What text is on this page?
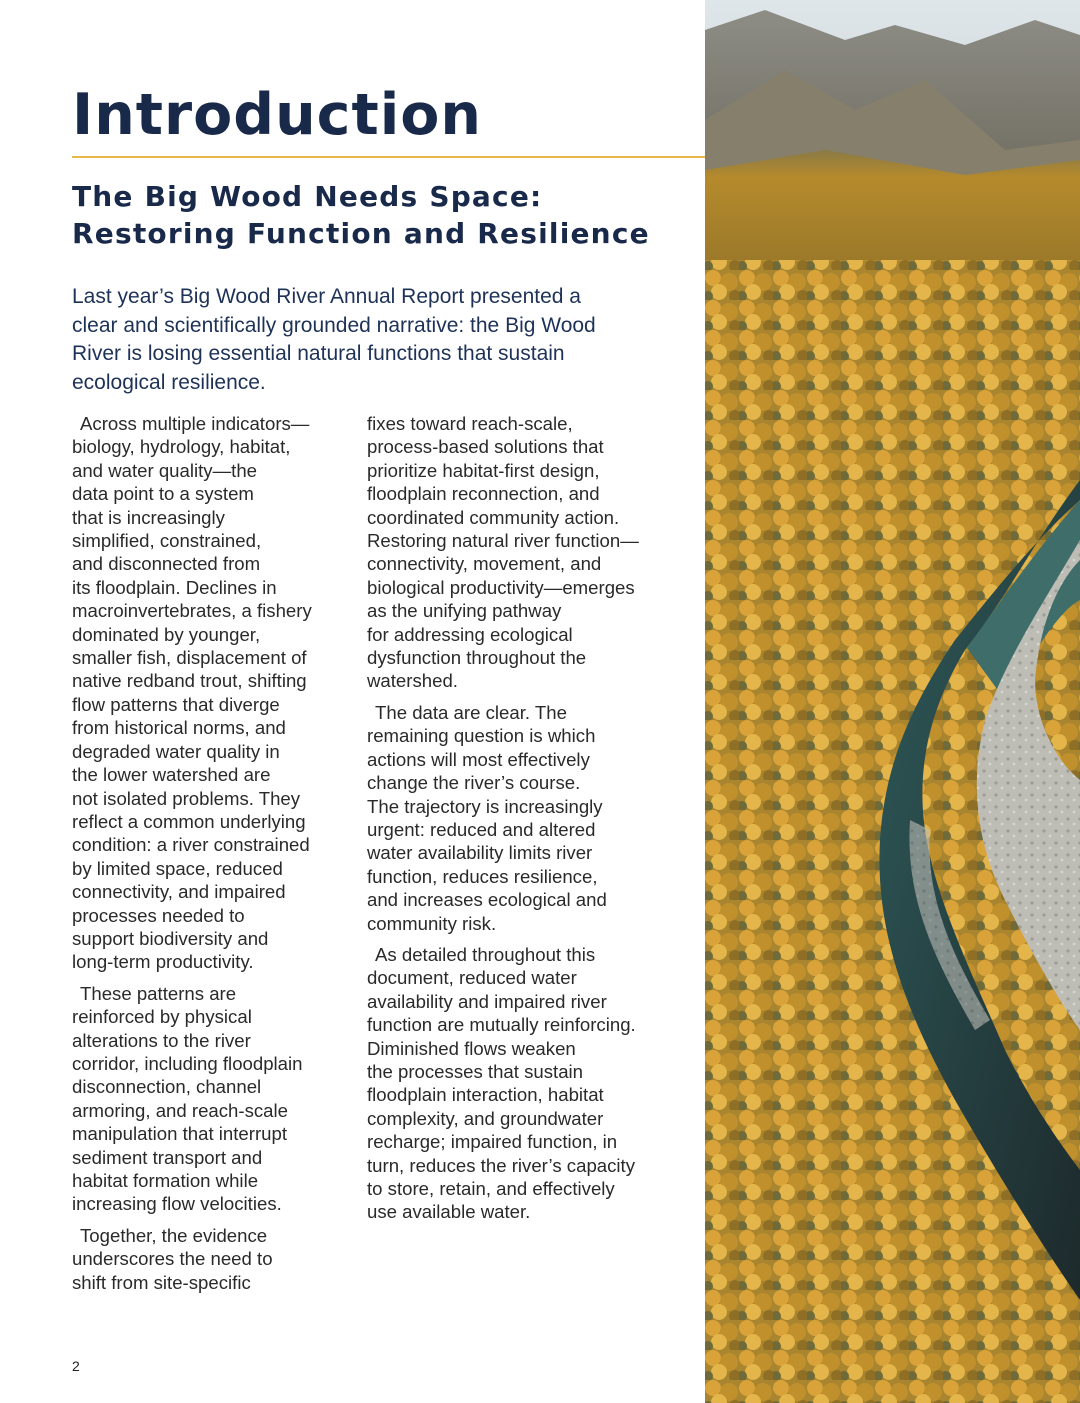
Introduction
The Big Wood Needs Space:
Restoring Function and Resilience

Last year’s Big Wood River Annual Report presented a
clear and scientifically grounded narrative: the Big Wood
River is losing essential natural functions that sustain
ecological resilience.

Across multiple indicators—
biology, hydrology, habitat,
and water quality—the
data point to a system
that is increasingly
simplified, constrained,
and disconnected from
its floodplain. Declines in
macroinvertebrates, a fishery
dominated by younger,
smaller fish, displacement of
native redband trout, shifting
flow patterns that diverge
from historical norms, and
degraded water quality in
the lower watershed are
not isolated problems. They
reflect a common underlying
condition: a river constrained
by limited space, reduced
connectivity, and impaired
processes needed to
support biodiversity and
long-term productivity.

These patterns are
reinforced by physical
alterations to the river
corridor, including floodplain
disconnection, channel
armoring, and reach-scale
manipulation that interrupt
sediment transport and
habitat formation while
increasing flow velocities.

Together, the evidence
underscores the need to
shift from site-specific

fixes toward reach-scale,
process-based solutions that
prioritize habitat-first design,
floodplain reconnection, and
coordinated community action.
Restoring natural river function—
connectivity, movement, and
biological productivity—emerges
as the unifying pathway
for addressing ecological
dysfunction throughout the
watershed.

The data are clear. The
remaining question is which
actions will most effectively
change the river’s course.
The trajectory is increasingly
urgent: reduced and altered
water availability limits river
function, reduces resilience,
and increases ecological and
community risk.

As detailed throughout this
document, reduced water
availability and impaired river
function are mutually reinforcing.
Diminished flows weaken
the processes that sustain
floodplain interaction, habitat
complexity, and groundwater
recharge; impaired function, in
turn, reduces the river’s capacity
to store, retain, and effectively
use available water.

2
